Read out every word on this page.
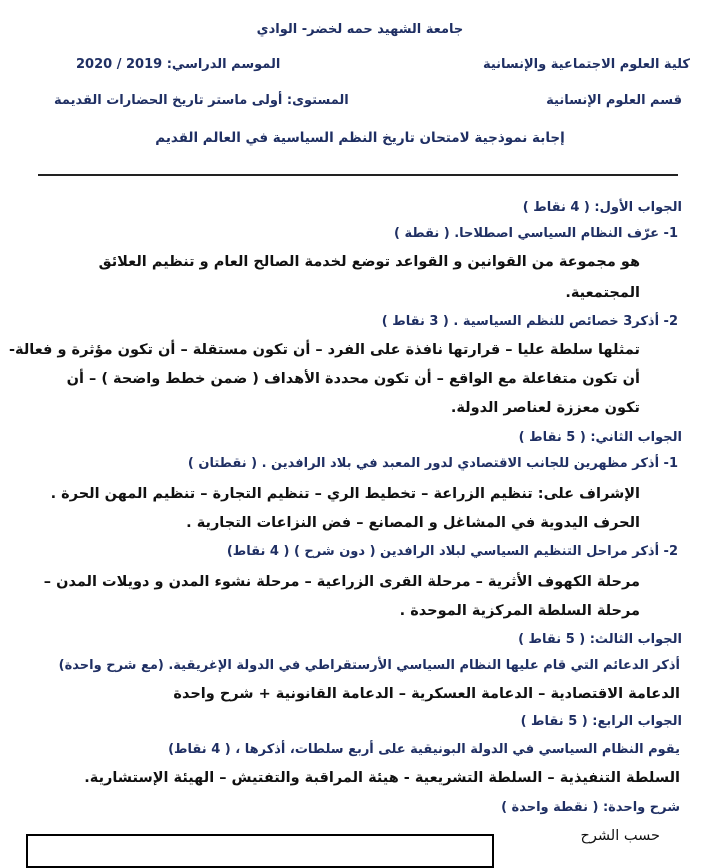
جامعة الشهيد حمه لخضر- الوادي
كلية العلوم الاجتماعية والإنسانية
الموسم الدراسي: 2019 / 2020
قسم العلوم الإنسانية
المستوى: أولى ماستر تاريخ الحضارات القديمة
إجابة نموذجية لامتحان تاريخ النظم السياسية في العالم القديم
الجواب الأول: ( 4 نقاط )
1- عرّف النظام السياسي اصطلاحا. ( نقطة )
هو مجموعة من القوانين و القواعد توضع لخدمة الصالح العام و تنظيم العلائق
المجتمعية.
2- أذكر3 خصائص للنظم السياسية . ( 3 نقاط )
تمثلها سلطة عليا – قرارتها نافذة على الفرد – أن تكون مستقلة – أن تكون مؤثرة و فعالة-
أن تكون متفاعلة مع الواقع – أن تكون محددة الأهداف ( ضمن خطط واضحة ) – أن
تكون معززة لعناصر الدولة.
الجواب الثاني: ( 5 نقاط )
1- أذكر مظهرين للجانب الاقتصادي لدور المعبد في بلاد الرافدين . ( نقطتان )
الإشراف على: تنظيم الزراعة – تخطيط الري – تنظيم التجارة – تنظيم المهن الحرة .
الحرف اليدوية في المشاغل و المصانع – فض النزاعات التجارية .
2- أذكر مراحل التنظيم السياسي لبلاد الرافدين ( دون شرح ) ( 4 نقاط)
مرحلة الكهوف الأثرية – مرحلة القرى الزراعية – مرحلة نشوء المدن و دويلات المدن –
مرحلة السلطة المركزية الموحدة .
الجواب الثالث: ( 5 نقاط )
أذكر الدعائم التي قام عليها النظام السياسي الأرستقراطي في الدولة الإغريقية. (مع شرح واحدة)
الدعامة الاقتصادية – الدعامة العسكرية – الدعامة القانونية + شرح واحدة
الجواب الرابع: ( 5 نقاط )
يقوم النظام السياسي في الدولة البونيقية على أربع سلطات، أذكرها ، ( 4 نقاط)
السلطة التنفيذية – السلطة التشريعية - هيئة المراقبة والتفتيش – الهيئة الإستشارية.
شرح واحدة: ( نقطة واحدة )
حسب الشرح
